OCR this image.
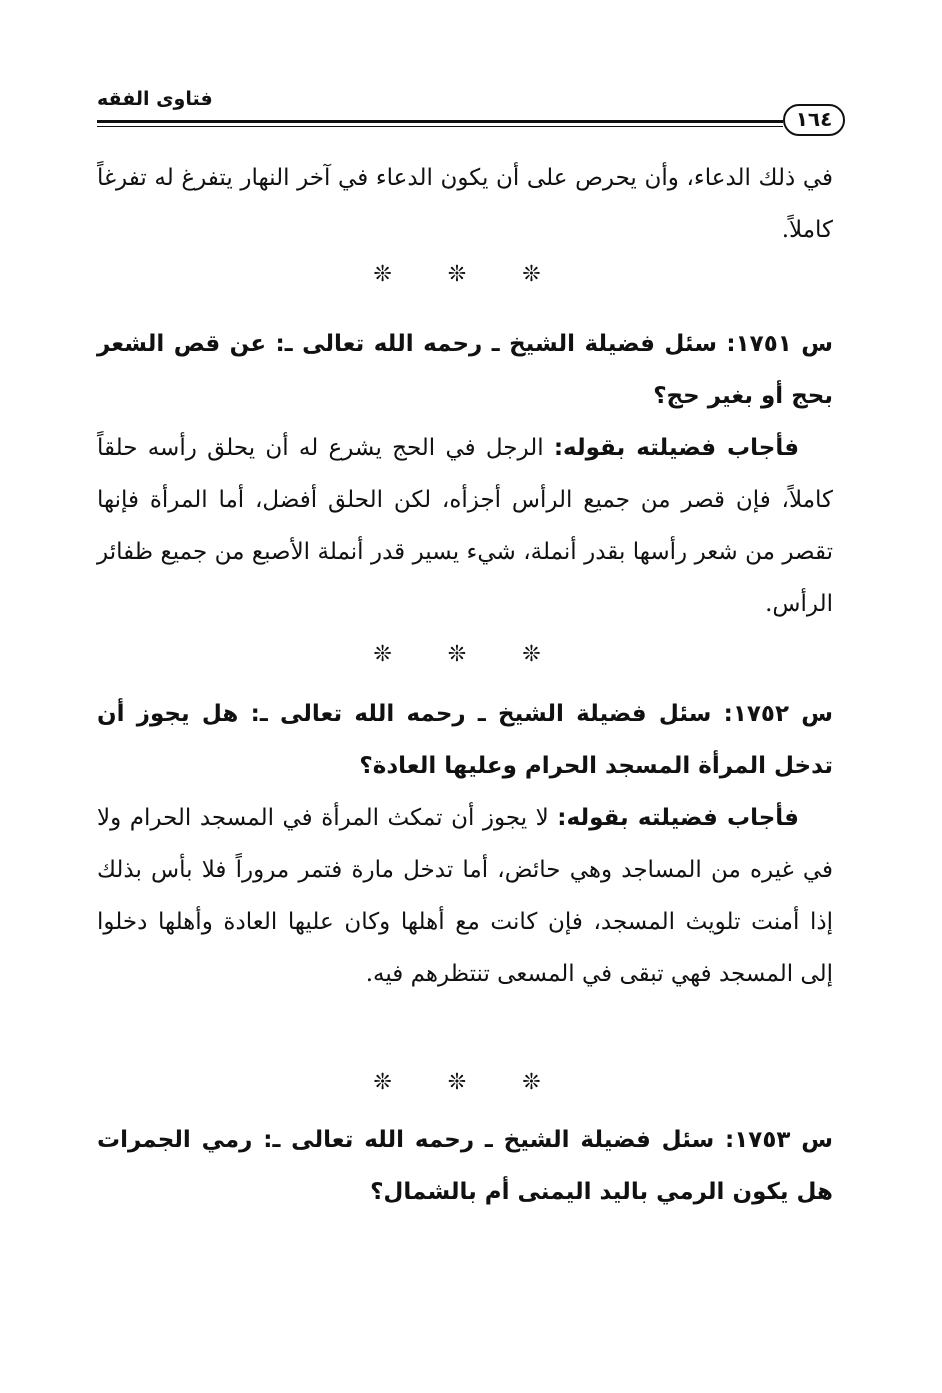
فتاوى الفقه
١٦٤

في ذلك الدعاء، وأن يحرص على أن يكون الدعاء في آخر النهار يتفرغ له تفرغاً كاملاً.

❊ ❊ ❊

س ١٧٥١: سئل فضيلة الشيخ ـ رحمه الله تعالى ـ: عن قص الشعر بحج أو بغير حج؟

فأجاب فضيلته بقوله: الرجل في الحج يشرع له أن يحلق رأسه حلقاً كاملاً، فإن قصر من جميع الرأس أجزأه، لكن الحلق أفضل، أما المرأة فإنها تقصر من شعر رأسها بقدر أنملة، شيء يسير قدر أنملة الأصبع من جميع ظفائر الرأس.

❊ ❊ ❊

س ١٧٥٢: سئل فضيلة الشيخ ـ رحمه الله تعالى ـ: هل يجوز أن تدخل المرأة المسجد الحرام وعليها العادة؟

فأجاب فضيلته بقوله: لا يجوز أن تمكث المرأة في المسجد الحرام ولا في غيره من المساجد وهي حائض، أما تدخل مارة فتمر مروراً فلا بأس بذلك إذا أمنت تلويث المسجد، فإن كانت مع أهلها وكان عليها العادة وأهلها دخلوا إلى المسجد فهي تبقى في المسعى تنتظرهم فيه.

❊ ❊ ❊

س ١٧٥٣: سئل فضيلة الشيخ ـ رحمه الله تعالى ـ: رمي الجمرات هل يكون الرمي باليد اليمنى أم بالشمال؟
